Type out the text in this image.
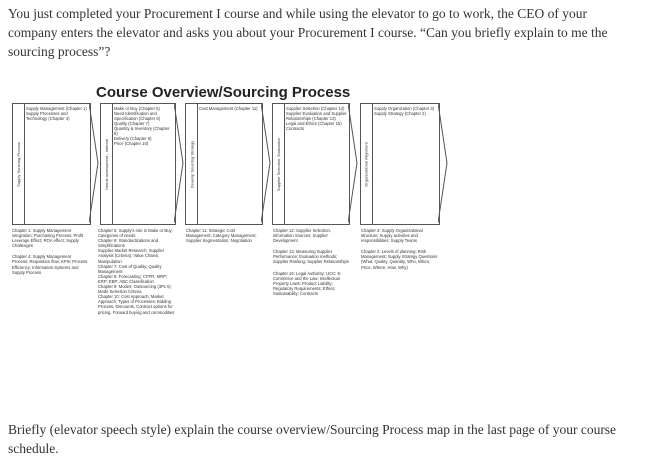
You just completed your Procurement I course and while using the elevator to go to work, the CEO of your company enters the elevator and asks you about your Procurement I course. “Can you briefly explain to me the sourcing process”?
Course Overview/Sourcing Process
Supply Sourcing Process
Supply Management (Chapter 1)
Supply Processes and Technology (Chapter 4)
Needs assessment - Internal
Make or Buy (Chapter 5)
Need Identification and Specification (Chapter 6)
Quality (Chapter 7)
Quantity & Inventory (Chapter 8)
Delivery (Chapter 9)
Price (Chapter 10)	Develop Sourcing Strategy
Cost Management (Chapter 11)
Supplier Selection, Evaluation
Supplier Selection (Chapter 12)
Supplier Evaluation and Supplier Relationships (Chapter 13)
Legal and Ethics (Chapter 15)
Contracts
Organizational Alignment
Supply Organization (Chapter 3)
Supply Strategy (Chapter 2)
Chapter 1: Supply Management integration; Purchasing Process; Profit Leverage Effect; ROA effect; Supply Challenges
Chapter 4: Supply Management Process; Requisition flow; KPIs; Process Efficiency; Information Systems and Supply Process
Chapter 5: Supply's role in Make or Buy; Categories of needs
Chapter 6: Standardizations and Simplifications
Supplier Market Research; Supplier Analysis (Criteria); Value Chains; Manipulation
Chapter 7: Cost of Quality; Quality Management
Chapter 8: Forecasting: CPFR; MRP; ERP; EBP; ABC Classification
Chapter 9: Modes; Outsourcing (3PL's); Mode Selection Criteria
Chapter 10: Cost Approach; Market Approach; Types of Processes; Bidding Process, Discounts, Contract options for pricing, Forward buying and commodities
Chapter 11: Strategic Cost Management; Category Management; Supplier Segmentation; Negotiation
Chapter 12: Supplier Selection, information Sources; Supplier Development
Chapter 13: Measuring Supplier Performance; Evaluation methods; Supplier Ranking; Supplier Relationships
Chapter 15: Legal Authority; UCC; E-Commerce and the Law; Intellectual Property Laws; Product Liability; Regulatory Requirements; Ethics; Sustainability; Contracts
Chapter 3: Supply Organizational structure; Supply activities and responsibilities; Supply Teams
Chapter 2: Levels of planning; Risk Management; Supply Strategy Questions (What, Quality, Quantity, Who, When, Price, Where, How, Why)
Briefly (elevator speech style) explain the course overview/Sourcing Process map in the last page of your course schedule.
